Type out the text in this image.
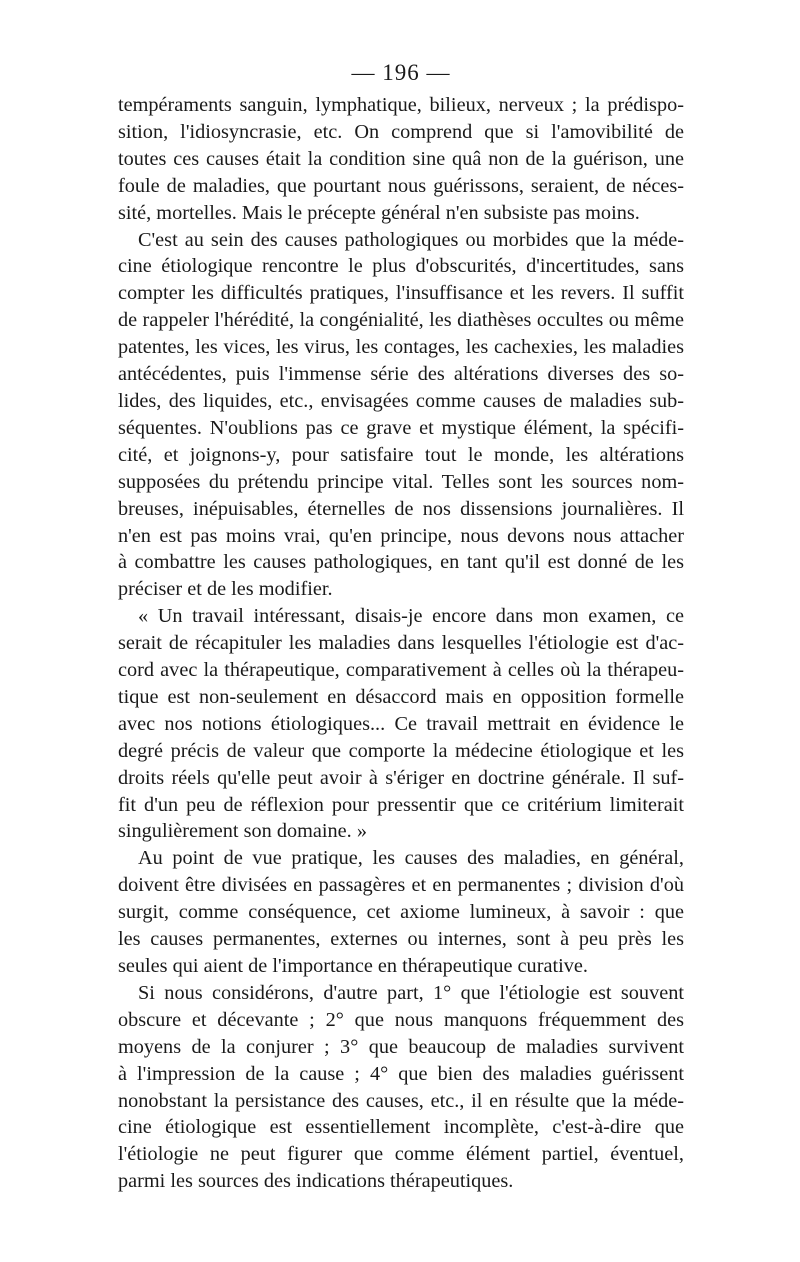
— 196 —

tempéraments sanguin, lymphatique, bilieux, nerveux ; la prédispo-
sition, l'idiosyncrasie, etc. On comprend que si l'amovibilité de
toutes ces causes était la condition sine quâ non de la guérison, une
foule de maladies, que pourtant nous guérissons, seraient, de néces-
sité, mortelles. Mais le précepte général n'en subsiste pas moins.

C'est au sein des causes pathologiques ou morbides que la méde-
cine étiologique rencontre le plus d'obscurités, d'incertitudes, sans
compter les difficultés pratiques, l'insuffisance et les revers. Il suffit
de rappeler l'hérédité, la congénialité, les diathèses occultes ou même
patentes, les vices, les virus, les contages, les cachexies, les maladies
antécédentes, puis l'immense série des altérations diverses des so-
lides, des liquides, etc., envisagées comme causes de maladies sub-
séquentes. N'oublions pas ce grave et mystique élément, la spécifi-
cité, et joignons-y, pour satisfaire tout le monde, les altérations
supposées du prétendu principe vital. Telles sont les sources nom-
breuses, inépuisables, éternelles de nos dissensions journalières. Il
n'en est pas moins vrai, qu'en principe, nous devons nous attacher
à combattre les causes pathologiques, en tant qu'il est donné de les
préciser et de les modifier.

« Un travail intéressant, disais-je encore dans mon examen, ce
serait de récapituler les maladies dans lesquelles l'étiologie est d'ac-
cord avec la thérapeutique, comparativement à celles où la thérapeu-
tique est non-seulement en désaccord mais en opposition formelle
avec nos notions étiologiques... Ce travail mettrait en évidence le
degré précis de valeur que comporte la médecine étiologique et les
droits réels qu'elle peut avoir à s'ériger en doctrine générale. Il suf-
fit d'un peu de réflexion pour pressentir que ce critérium limiterait
singulièrement son domaine. »

Au point de vue pratique, les causes des maladies, en général,
doivent être divisées en passagères et en permanentes ; division d'où
surgit, comme conséquence, cet axiome lumineux, à savoir : que
les causes permanentes, externes ou internes, sont à peu près les
seules qui aient de l'importance en thérapeutique curative.

Si nous considérons, d'autre part, 1° que l'étiologie est souvent
obscure et décevante ; 2° que nous manquons fréquemment des
moyens de la conjurer ; 3° que beaucoup de maladies survivent
à l'impression de la cause ; 4° que bien des maladies guérissent
nonobstant la persistance des causes, etc., il en résulte que la méde-
cine étiologique est essentiellement incomplète, c'est-à-dire que
l'étiologie ne peut figurer que comme élément partiel, éventuel,
parmi les sources des indications thérapeutiques.
